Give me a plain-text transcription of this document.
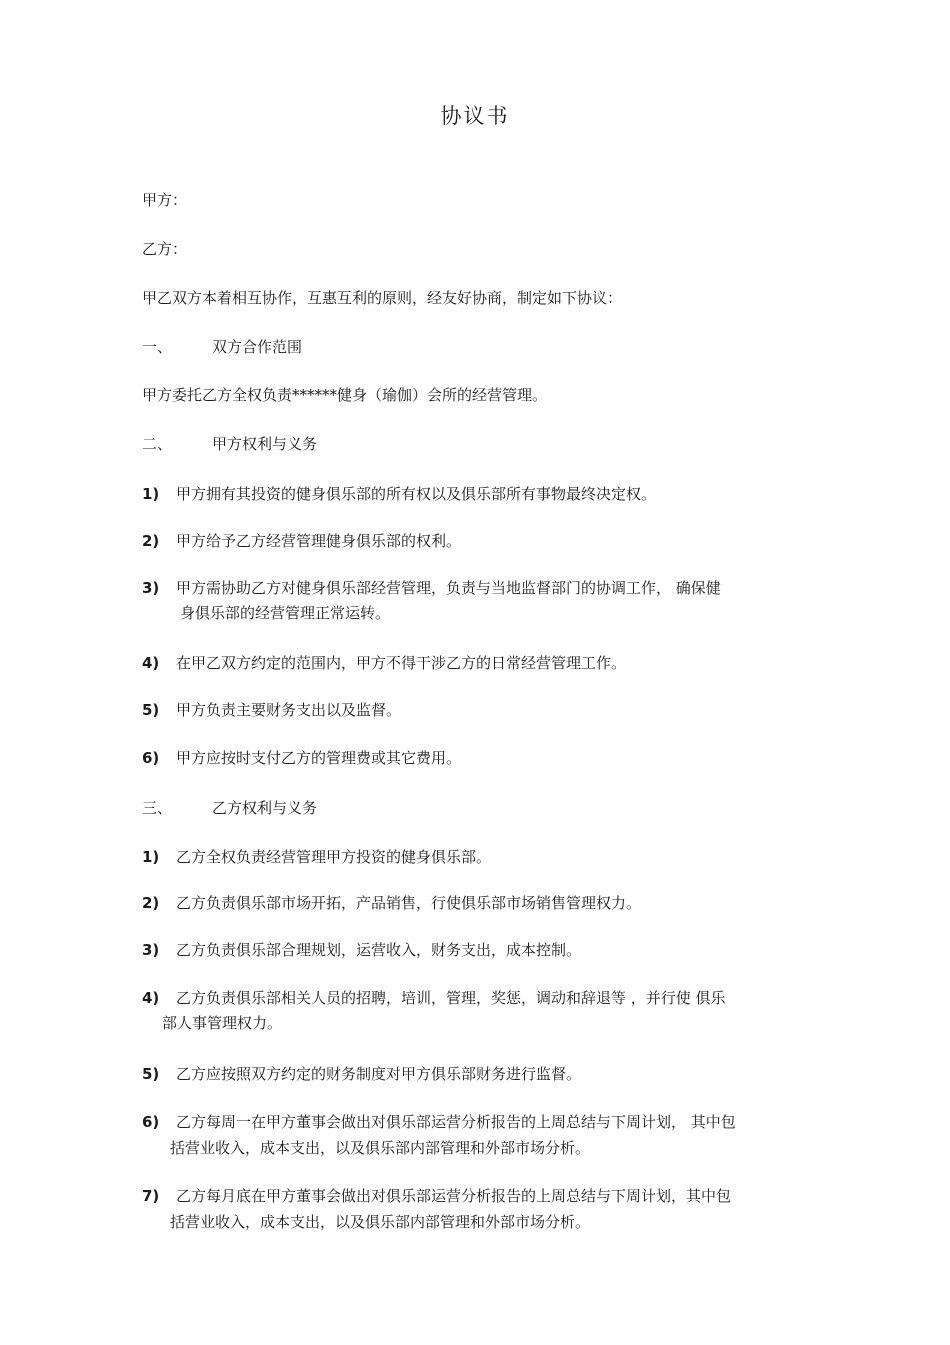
协议书
甲方：
乙方：
甲乙双方本着相互协作，互惠互利的原则，经友好协商，制定如下协议：
一、	双方合作范围
甲方委托乙方全权负责******健身（瑜伽）会所的经营管理。
二、	甲方权利与义务
1) 甲方拥有其投资的健身俱乐部的所有权以及俱乐部所有事物最终决定权。
2) 甲方给予乙方经营管理健身俱乐部的权利。
3) 甲方需协助乙方对健身俱乐部经营管理，负责与当地监督部门的协调工作， 确保健
身俱乐部的经营管理正常运转。
4) 在甲乙双方约定的范围内，甲方不得干涉乙方的日常经营管理工作。
5) 甲方负责主要财务支出以及监督。
6) 甲方应按时支付乙方的管理费或其它费用。
三、	乙方权利与义务
1) 乙方全权负责经营管理甲方投资的健身俱乐部。
2) 乙方负责俱乐部市场开拓，产品销售，行使俱乐部市场销售管理权力。
3) 乙方负责俱乐部合理规划，运营收入，财务支出，成本控制。
4) 乙方负责俱乐部相关人员的招聘，培训，管理，奖惩，调动和辞退等 ，并行使 俱乐
部人事管理权力。
5) 乙方应按照双方约定的财务制度对甲方俱乐部财务进行监督。
6) 乙方每周一在甲方董事会做出对俱乐部运营分析报告的上周总结与下周计划， 其中包
括营业收入，成本支出，以及俱乐部内部管理和外部市场分析。
7) 乙方每月底在甲方董事会做出对俱乐部运营分析报告的上周总结与下周计划，其中包
括营业收入，成本支出，以及俱乐部内部管理和外部市场分析。
